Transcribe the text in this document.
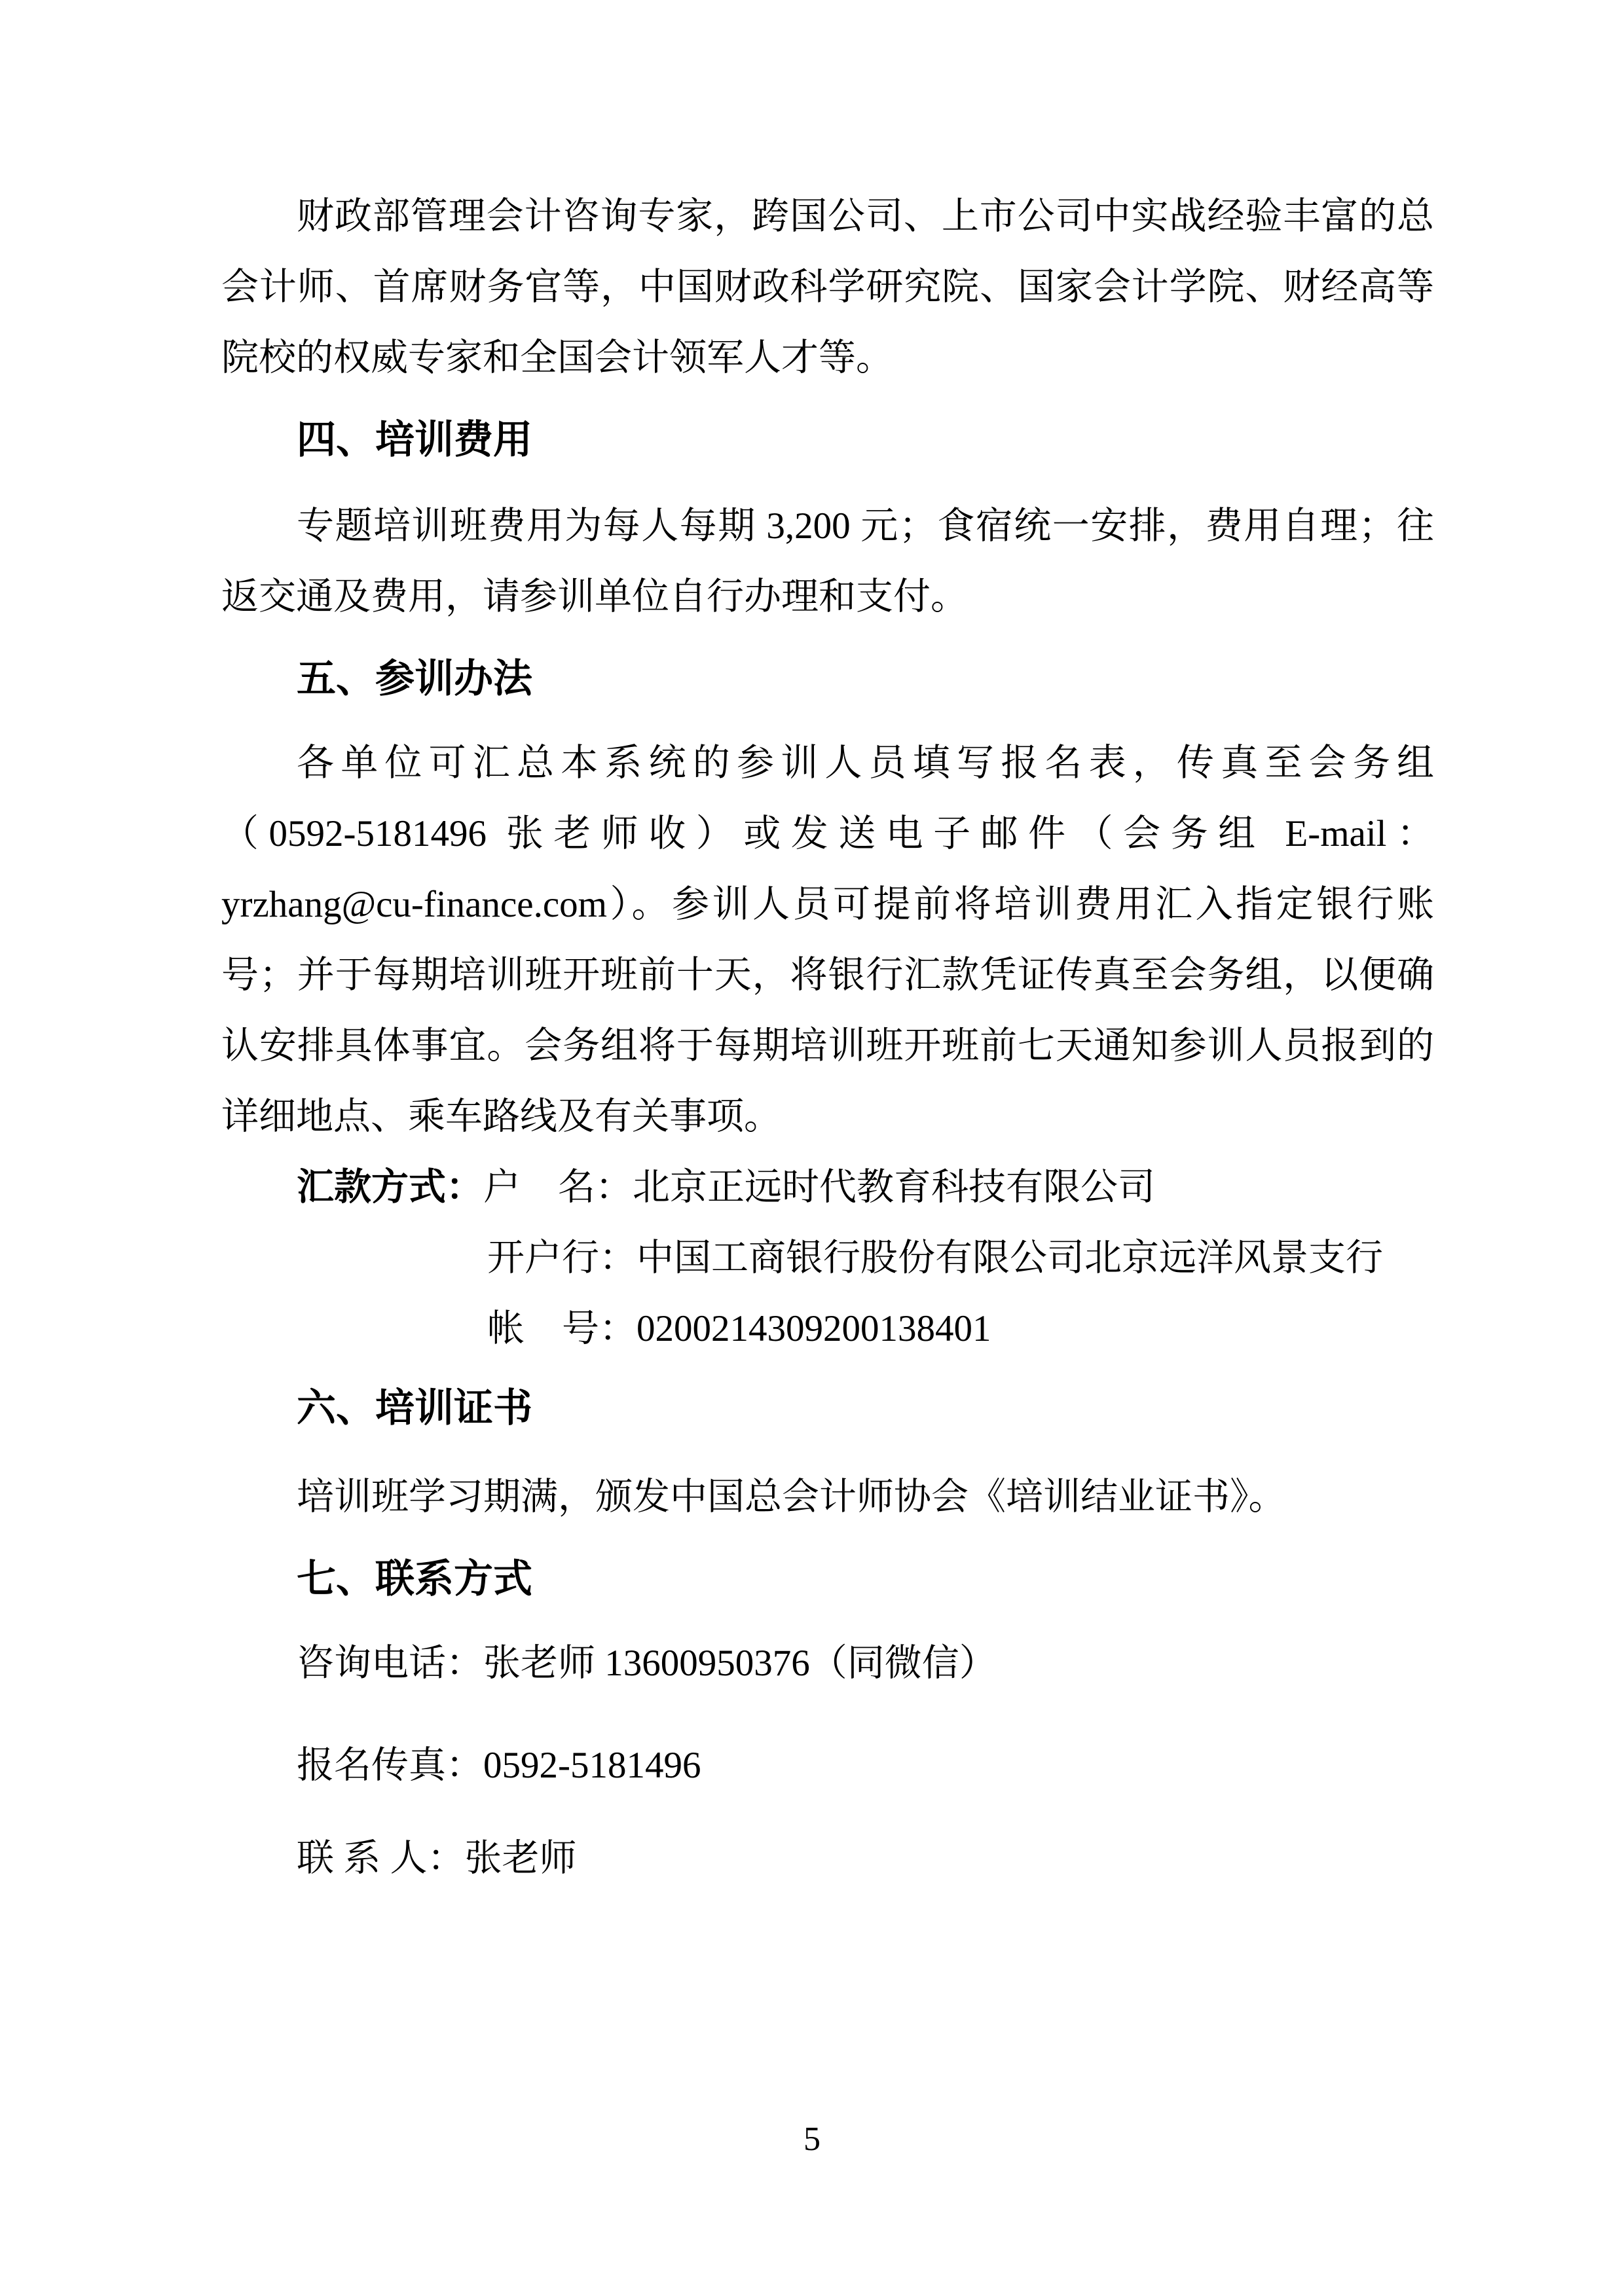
财政部管理会计咨询专家，跨国公司、上市公司中实战经验丰富的总
会计师、首席财务官等，中国财政科学研究院、国家会计学院、财经高等
院校的权威专家和全国会计领军人才等。
四、培训费用
专题培训班费用为每人每期 3,200 元；食宿统一安排，费用自理；往
返交通及费用，请参训单位自行办理和支付。
五、参训办法
各单位可汇总本系统的参训人员填写报名表，传真至会务组
（0592-5181496 张老师收）或发送电子邮件（会务组 E-mail：
yrzhang@cu-finance.com）。参训人员可提前将培训费用汇入指定银行账
号；并于每期培训班开班前十天，将银行汇款凭证传真至会务组，以便确
认安排具体事宜。会务组将于每期培训班开班前七天通知参训人员报到的
详细地点、乘车路线及有关事项。
汇款方式：户　名：北京正远时代教育科技有限公司
开户行：中国工商银行股份有限公司北京远洋风景支行
帐　号：0200214309200138401
六、培训证书
培训班学习期满，颁发中国总会计师协会《培训结业证书》。
七、联系方式
咨询电话：张老师 13600950376（同微信）
报名传真：0592-5181496
联 系 人：张老师
5
